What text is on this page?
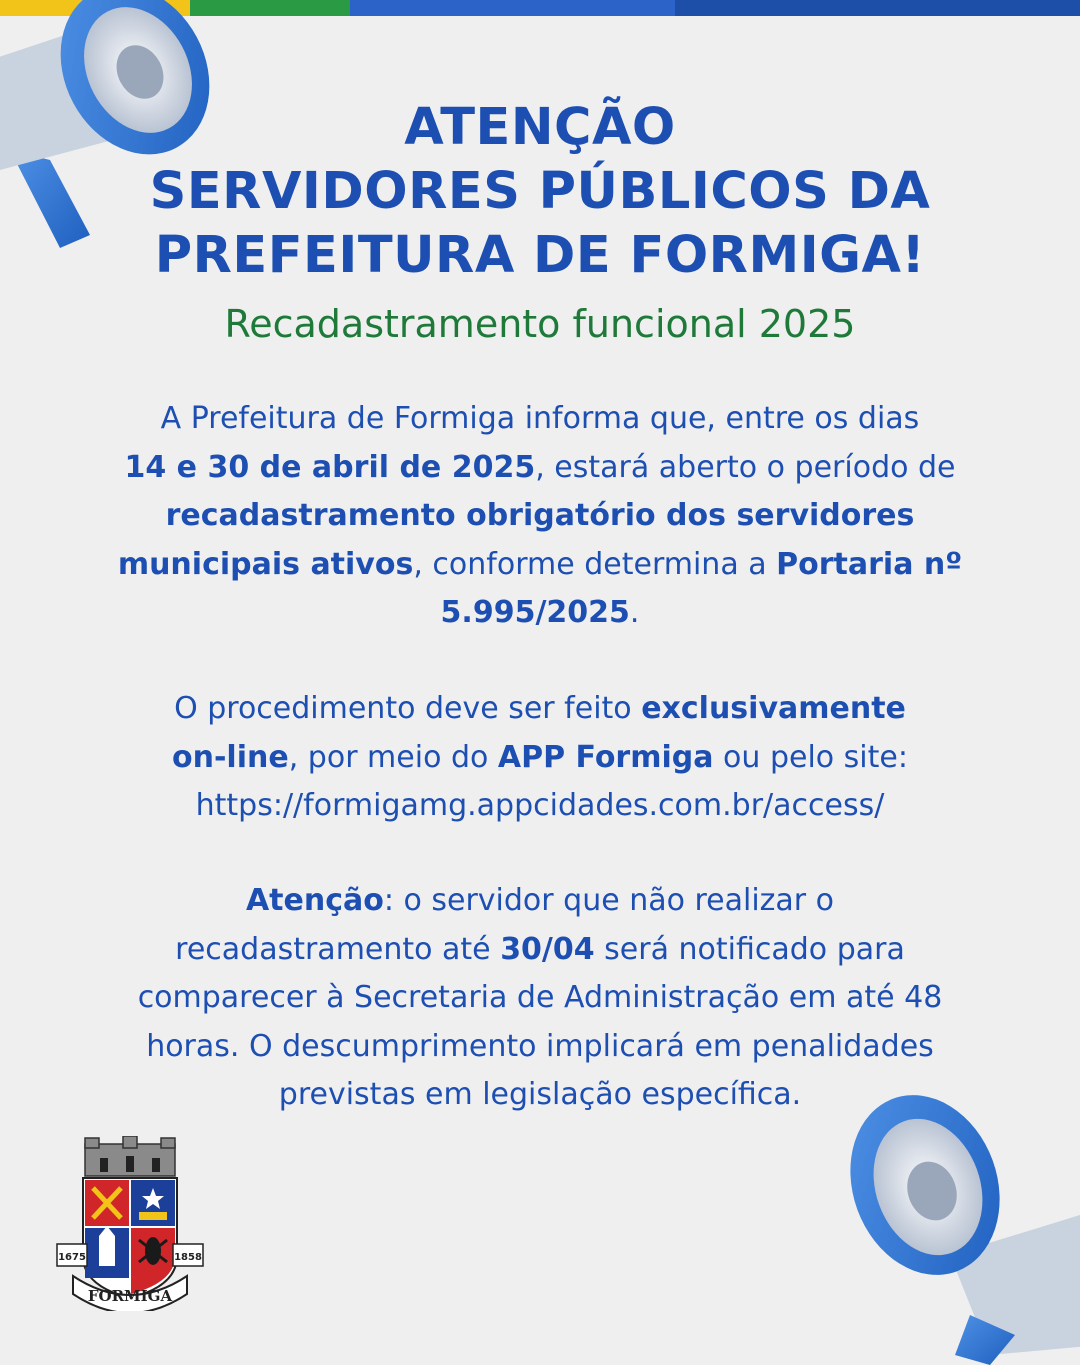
ATENÇÃO
SERVIDORES PÚBLICOS DA
PREFEITURA DE FORMIGA!
Recadastramento funcional 2025
A Prefeitura de Formiga informa que, entre os dias
14 e 30 de abril de 2025, estará aberto o período de
recadastramento obrigatório dos servidores
municipais ativos, conforme determina a Portaria nº
5.995/2025.
O procedimento deve ser feito exclusivamente
on-line, por meio do APP Formiga ou pelo site:
https://formigamg.appcidades.com.br/access/
Atenção: o servidor que não realizar o
recadastramento até 30/04 será notificado para
comparecer à Secretaria de Administração em até 48
horas. O descumprimento implicará em penalidades
previstas em legislação específica.
1675	1858
FORMIGA
